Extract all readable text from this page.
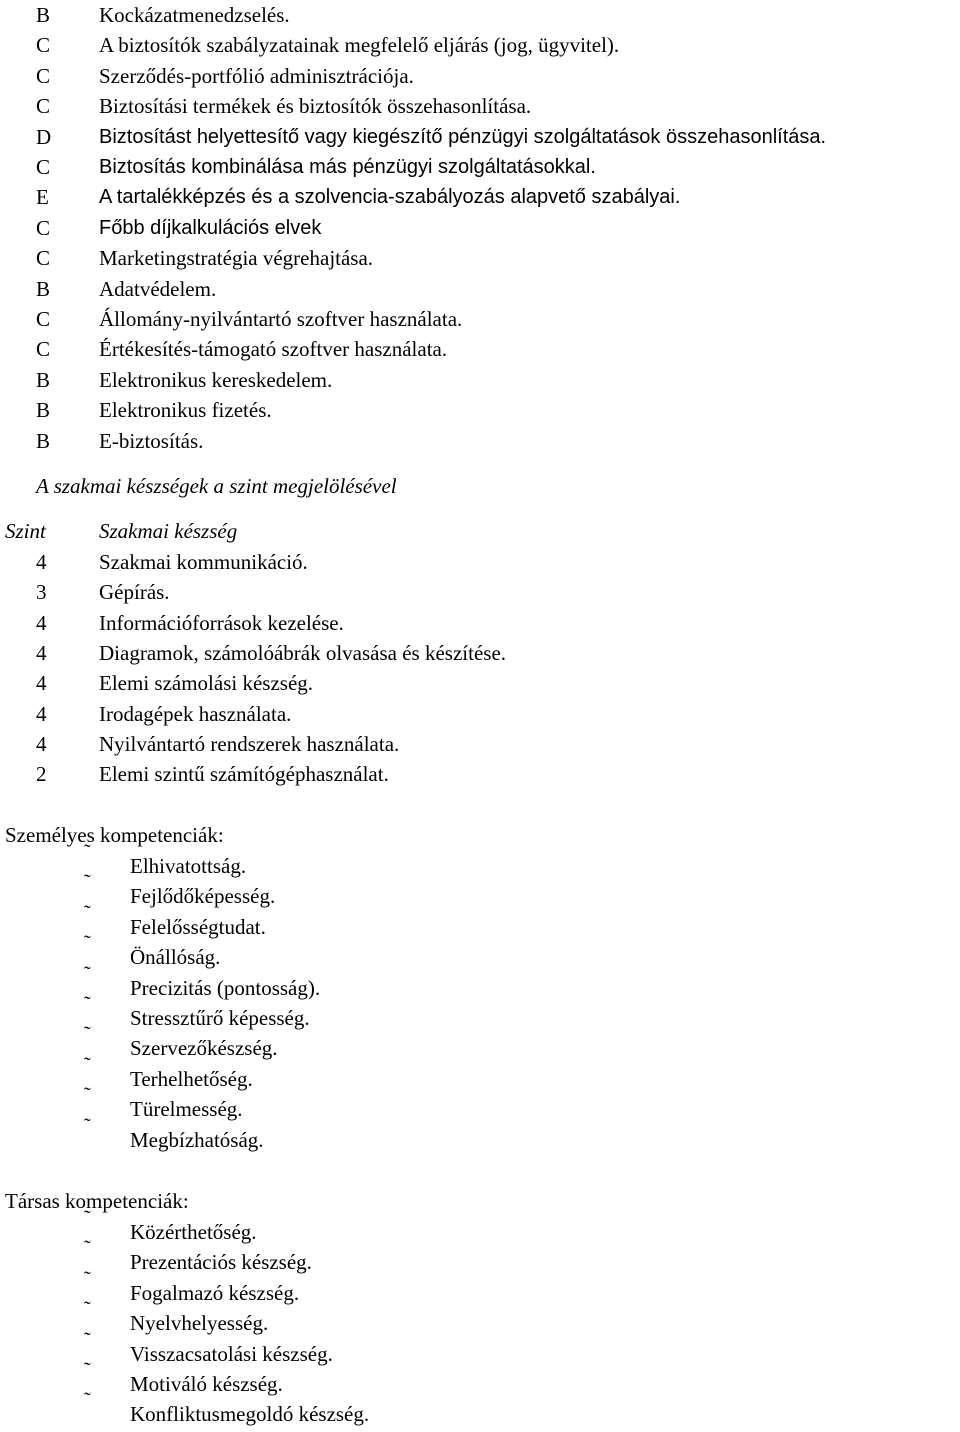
B	Kockázatmenedzselés.
C	A biztosítók szabályzatainak megfelelő eljárás (jog, ügyvitel).
C	Szerződés-portfólió adminisztrációja.
C	Biztosítási termékek és biztosítók összehasonlítása.
D	Biztosítást helyettesítő vagy kiegészítő pénzügyi szolgáltatások összehasonlítása.
C	Biztosítás kombinálása más pénzügyi szolgáltatásokkal.
E	A tartalékképzés és a szolvencia-szabályozás alapvető szabályai.
C	Főbb díjkalkulációs elvek
C	Marketingstratégia végrehajtása.
B	Adatvédelem.
C	Állomány-nyilvántartó szoftver használata.
C	Értékesítés-támogató szoftver használata.
B	Elektronikus kereskedelem.
B	Elektronikus fizetés.
B	E-biztosítás.
A szakmai készségek a szint megjelölésével
Szint	Szakmai készség
4	Szakmai kommunikáció.
3	Gépírás.
4	Információforrások kezelése.
4	Diagramok, számolóábrák olvasása és készítése.
4	Elemi számolási készség.
4	Irodagépek használata.
4	Nyilvántartó rendszerek használata.
2	Elemi szintű számítógéphasználat.
Személyes kompetenciák:
˜
Elhivatottság.
˜
Fejlődőképesség.
˜
Felelősségtudat.
˜
Önállóság.
˜
Precizitás (pontosság).
˜
Stressztűrő képesség.
˜
Szervezőkészség.
˜
Terhelhetőség.
˜
Türelmesség.
˜
Megbízhatóság.
Társas kompetenciák:
˜
Közérthetőség.
˜
Prezentációs készség.
˜
Fogalmazó készség.
˜
Nyelvhelyesség.
˜
Visszacsatolási készség.
˜
Motiváló készség.
˜
Konfliktusmegoldó készség.
